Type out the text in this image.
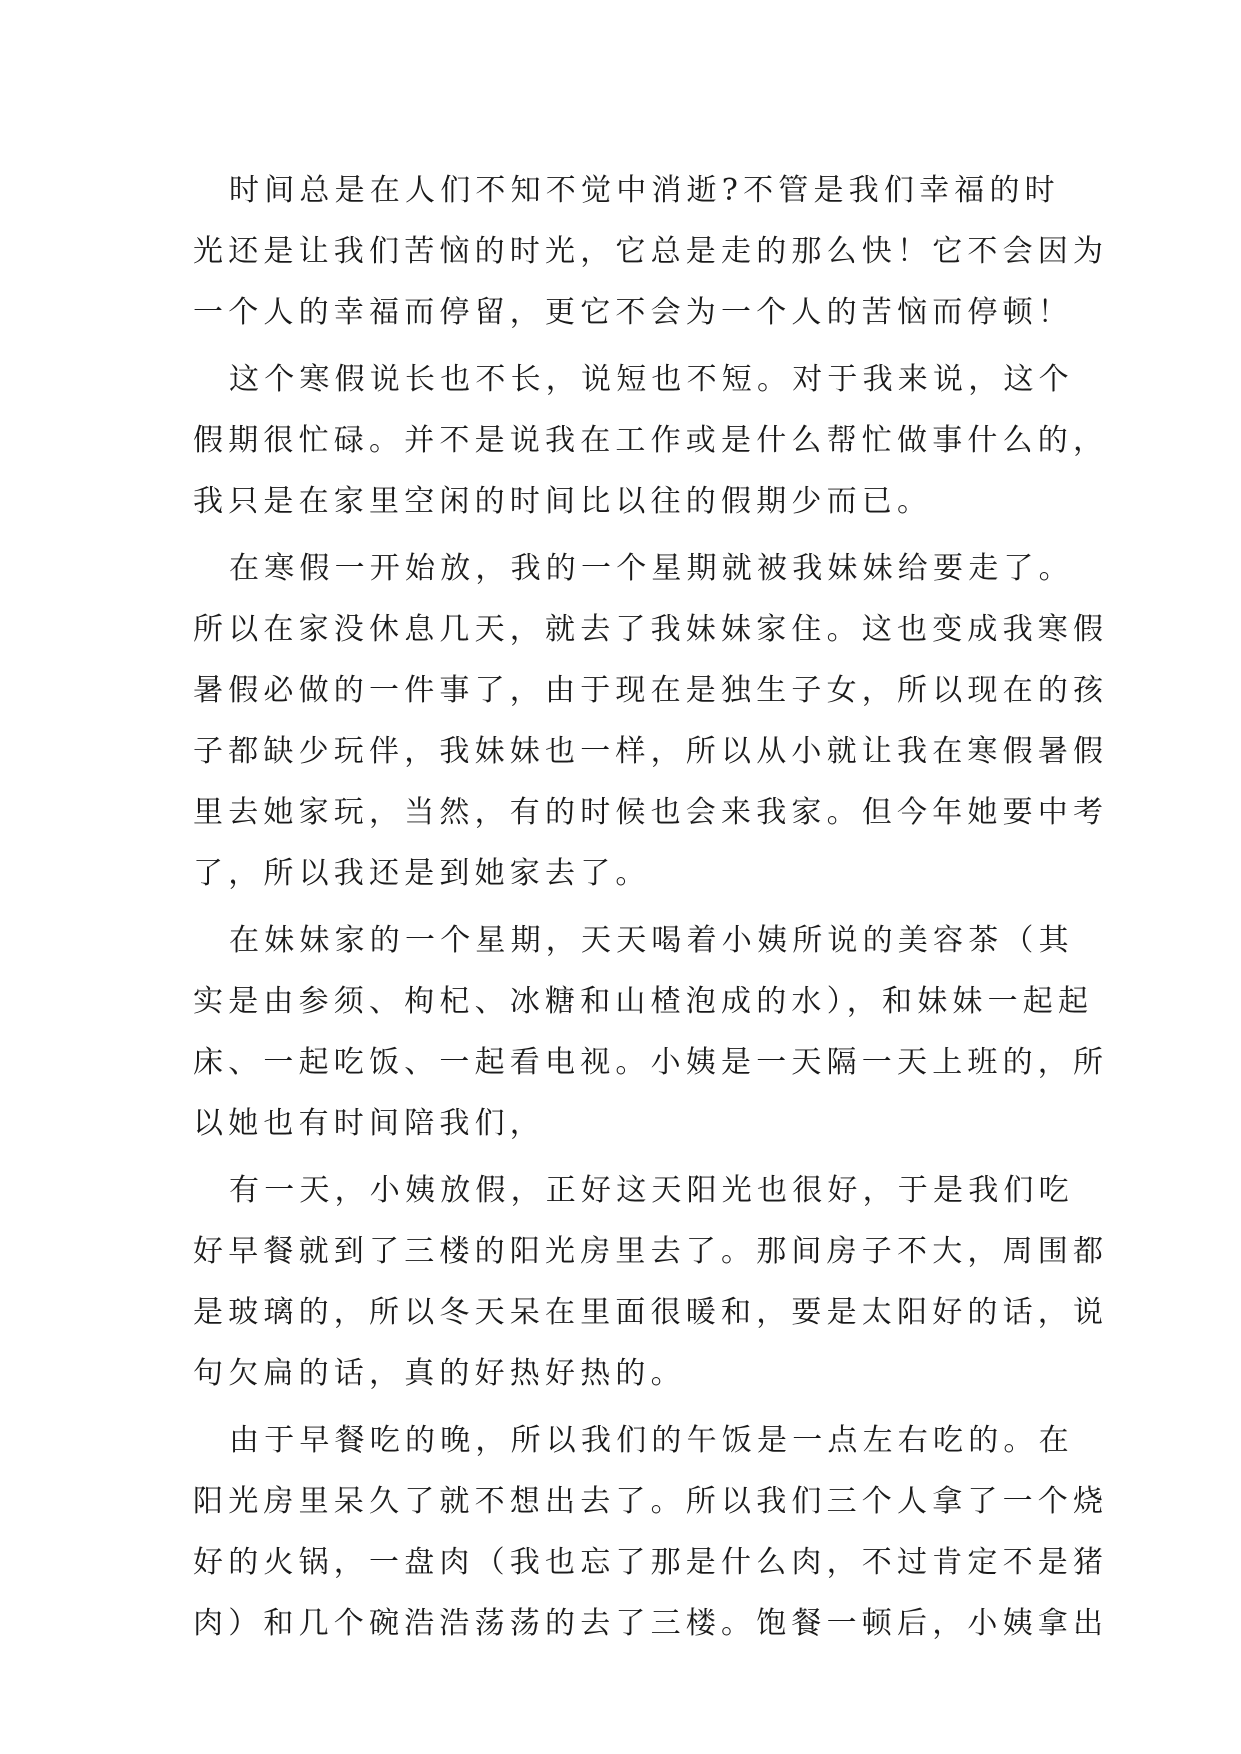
时间总是在人们不知不觉中消逝?不管是我们幸福的时
光还是让我们苦恼的时光，它总是走的那么快！它不会因为
一个人的幸福而停留，更它不会为一个人的苦恼而停顿！
这个寒假说长也不长，说短也不短。对于我来说，这个
假期很忙碌。并不是说我在工作或是什么帮忙做事什么的，
我只是在家里空闲的时间比以往的假期少而已。
在寒假一开始放，我的一个星期就被我妹妹给要走了。
所以在家没休息几天，就去了我妹妹家住。这也变成我寒假
暑假必做的一件事了，由于现在是独生子女，所以现在的孩
子都缺少玩伴，我妹妹也一样，所以从小就让我在寒假暑假
里去她家玩，当然，有的时候也会来我家。但今年她要中考
了，所以我还是到她家去了。
在妹妹家的一个星期，天天喝着小姨所说的美容茶（其
实是由参须、枸杞、冰糖和山楂泡成的水），和妹妹一起起
床、一起吃饭、一起看电视。小姨是一天隔一天上班的，所
以她也有时间陪我们，
有一天，小姨放假，正好这天阳光也很好，于是我们吃
好早餐就到了三楼的阳光房里去了。那间房子不大，周围都
是玻璃的，所以冬天呆在里面很暖和，要是太阳好的话，说
句欠扁的话，真的好热好热的。
由于早餐吃的晚，所以我们的午饭是一点左右吃的。在
阳光房里呆久了就不想出去了。所以我们三个人拿了一个烧
好的火锅，一盘肉（我也忘了那是什么肉，不过肯定不是猪
肉）和几个碗浩浩荡荡的去了三楼。饱餐一顿后，小姨拿出
